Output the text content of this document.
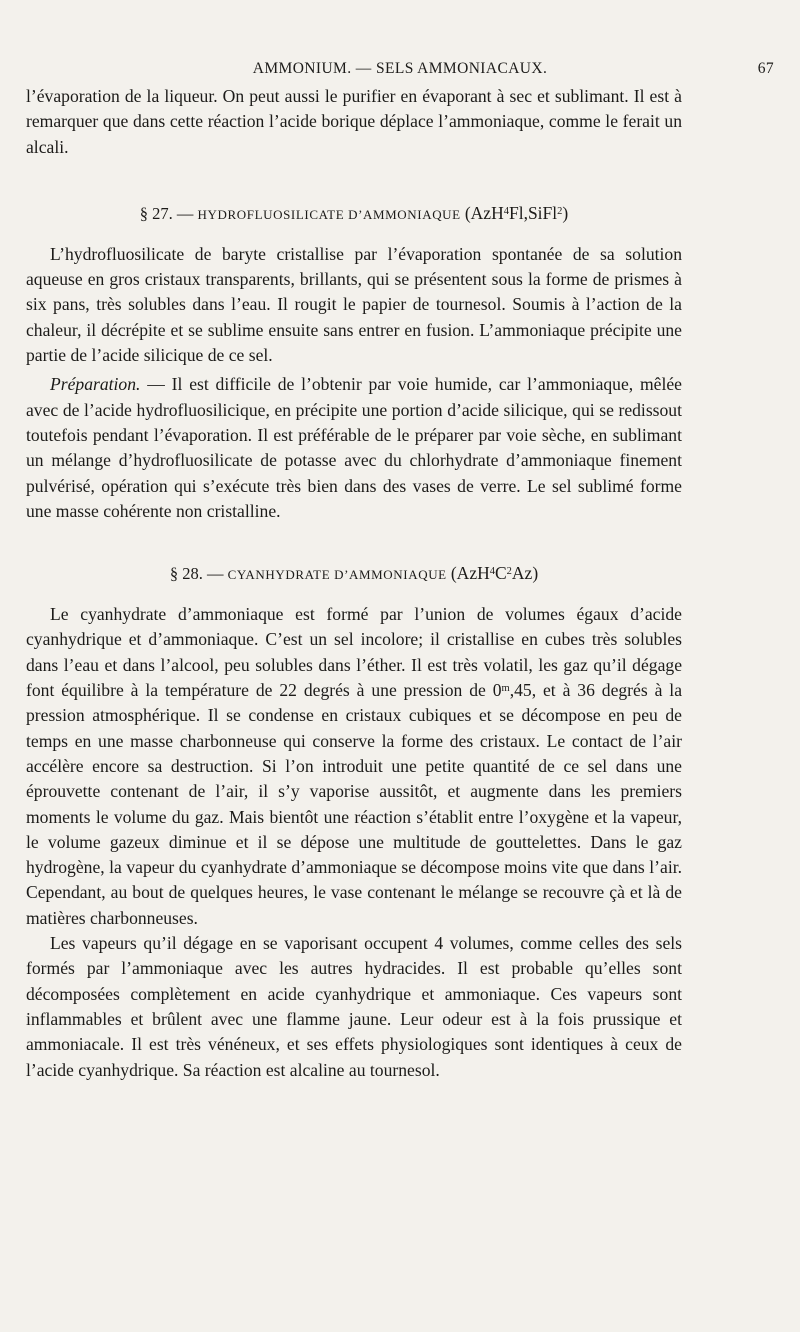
AMMONIUM. — SELS AMMONIACAUX.	67

l’évaporation de la liqueur. On peut aussi le purifier en évaporant à sec et sublimant. Il est à remarquer que dans cette réaction l’acide borique déplace l’ammoniaque, comme le ferait un alcali.

§ 27. — HYDROFLUOSILICATE D’AMMONIAQUE (AzH$^4$Fl,SiFl$^2$)

L’hydrofluosilicate de baryte cristallise par l’évaporation spontanée de sa solution aqueuse en gros cristaux transparents, brillants, qui se présentent sous la forme de prismes à six pans, très solubles dans l’eau. Il rougit le papier de tournesol. Soumis à l’action de la chaleur, il décrépite et se sublime ensuite sans entrer en fusion. L’ammoniaque précipite une partie de l’acide silicique de ce sel.

Préparation. — Il est difficile de l’obtenir par voie humide, car l’ammoniaque, mêlée avec de l’acide hydrofluosilicique, en précipite une portion d’acide silicique, qui se redissout toutefois pendant l’évaporation. Il est préférable de le préparer par voie sèche, en sublimant un mélange d’hydrofluosilicate de potasse avec du chlorhydrate d’ammoniaque finement pulvérisé, opération qui s’exécute très bien dans des vases de verre. Le sel sublimé forme une masse cohérente non cristalline.

§ 28. — CYANHYDRATE D’AMMONIAQUE $(AzH^4C^2Az)$

Le cyanhydrate d’ammoniaque est formé par l’union de volumes égaux d’acide cyanhydrique et d’ammoniaque. C’est un sel incolore; il cristallise en cubes très solubles dans l’eau et dans l’alcool, peu solubles dans l’éther. Il est très volatil, les gaz qu’il dégage font équilibre à la température de 22 degrés à une pression de 0$^m$,45, et à 36 degrés à la pression atmosphérique. Il se condense en cristaux cubiques et se décompose en peu de temps en une masse charbonneuse qui conserve la forme des cristaux. Le contact de l’air accélère encore sa destruction. Si l’on introduit une petite quantité de ce sel dans une éprouvette contenant de l’air, il s’y vaporise aussitôt, et augmente dans les premiers moments le volume du gaz. Mais bientôt une réaction s’établit entre l’oxygène et la vapeur, le volume gazeux diminue et il se dépose une multitude de gouttelettes. Dans le gaz hydrogène, la vapeur du cyanhydrate d’ammoniaque se décompose moins vite que dans l’air. Cependant, au bout de quelques heures, le vase contenant le mélange se recouvre çà et là de matières charbonneuses.

Les vapeurs qu’il dégage en se vaporisant occupent 4 volumes, comme celles des sels formés par l’ammoniaque avec les autres hydracides. Il est probable qu’elles sont décomposées complètement en acide cyanhydrique et ammoniaque. Ces vapeurs sont inflammables et brûlent avec une flamme jaune. Leur odeur est à la fois prussique et ammoniacale. Il est très vénéneux, et ses effets physiologiques sont identiques à ceux de l’acide cyanhydrique. Sa réaction est alcaline au tournesol.
